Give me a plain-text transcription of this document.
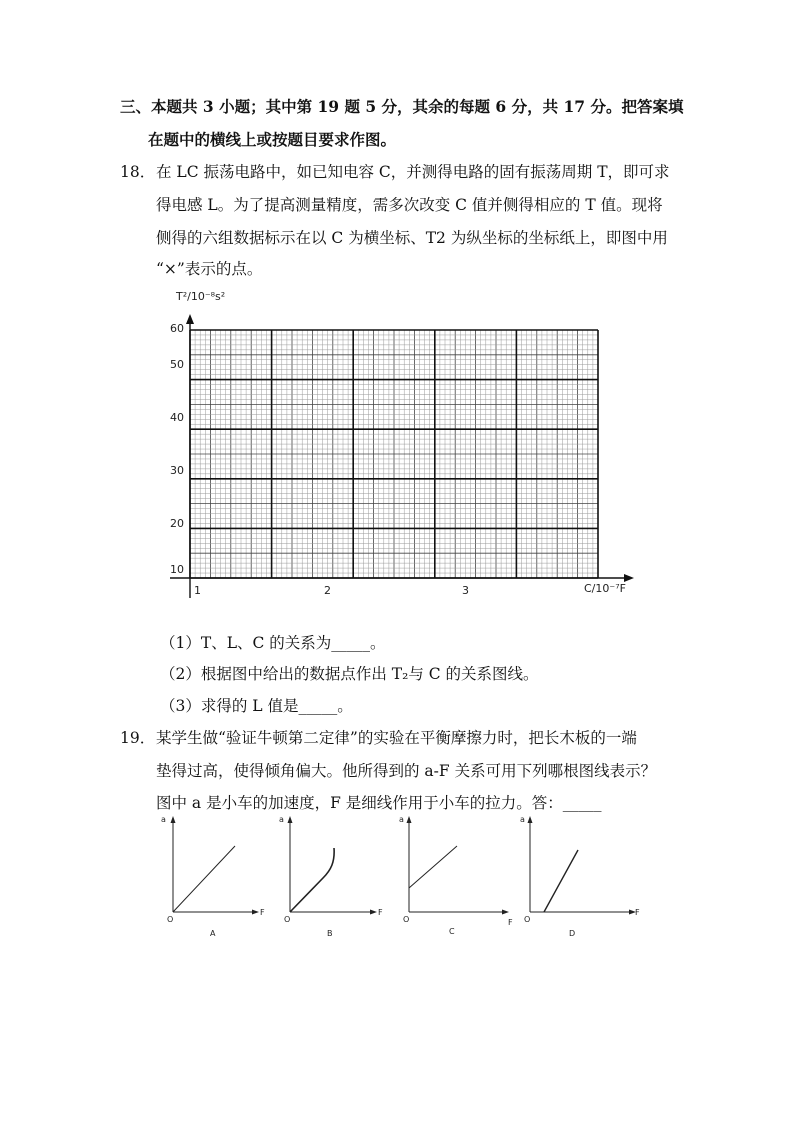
三、本题共 3 小题；其中第 19 题 5 分，其余的每题 6 分，共 17 分。把答案填
在题中的横线上或按题目要求作图。
18． 在 LC 振荡电路中，如已知电容 C，并测得电路的固有振荡周期 T，即可求
得电感 L。为了提高测量精度，需多次改变 C 值并侧得相应的 T 值。现将
侧得的六组数据标示在以 C 为横坐标、T2 为纵坐标的坐标纸上，即图中用
“×”表示的点。
60
50
40
30
20
10
1	2	3
T²/10⁻⁸s²
C/10⁻⁷F
（1）T、L、C 的关系为_____。
（2）根据图中给出的数据点作出 T₂与 C 的关系图线。
（3）求得的 L 值是_____。
19． 某学生做“验证牛顿第二定律”的实验在平衡摩擦力时，把长木板的一端
垫得过高，使得倾角偏大。他所得到的 a-F 关系可用下列哪根图线表示？
图中 a 是小车的加速度，F 是细线作用于小车的拉力。答：_____
a
F
O
A
a
F
O
B
a
F
O
C
a
F
O
D
